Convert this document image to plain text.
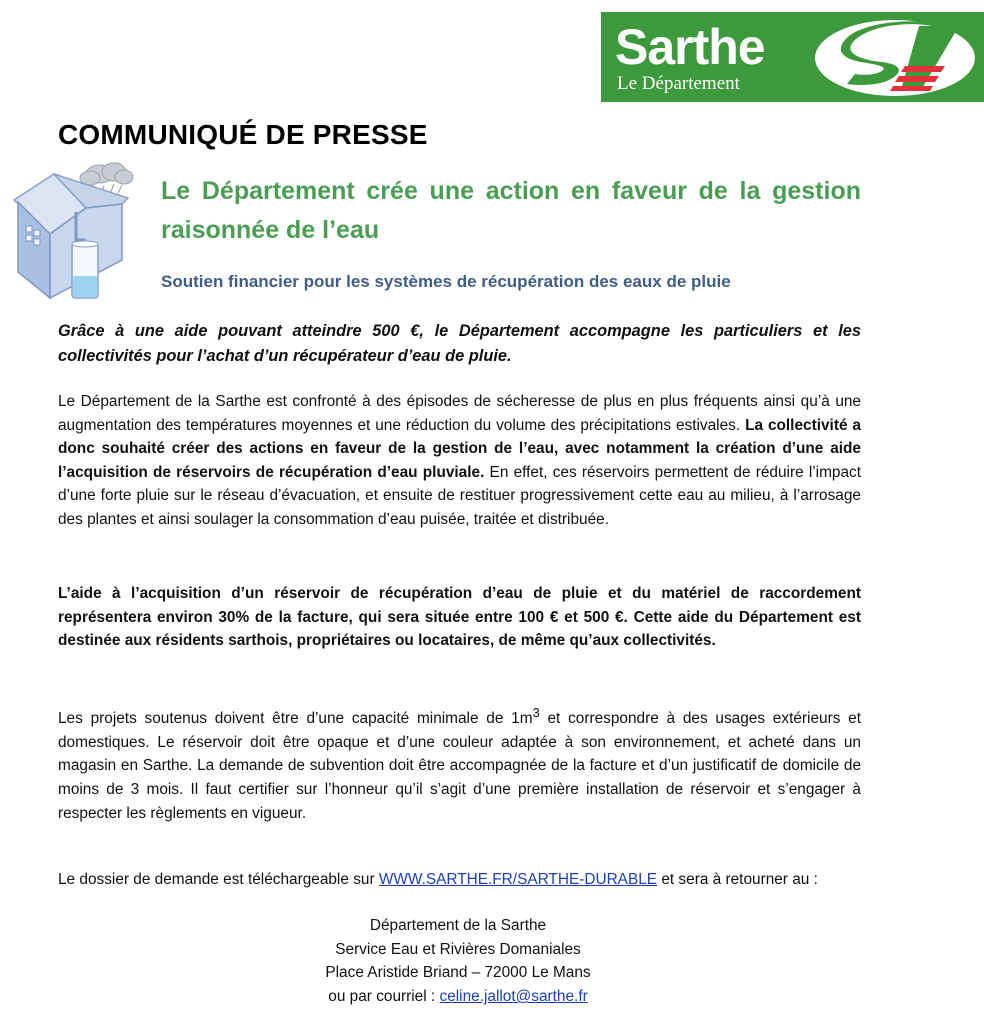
Sarthe
Le Département
COMMUNIQUÉ DE PRESSE
Le Département crée une action en faveur de la gestion raisonnée de l’eau
Soutien financier pour les systèmes de récupération des eaux de pluie

Grâce à une aide pouvant atteindre 500 €, le Département accompagne les particuliers et les collectivités pour l’achat d’un récupérateur d’eau de pluie.

Le Département de la Sarthe est confronté à des épisodes de sécheresse de plus en plus fréquents ainsi qu’à une augmentation des températures moyennes et une réduction du volume des précipitations estivales. La collectivité a donc souhaité créer des actions en faveur de la gestion de l’eau, avec notamment la création d’une aide l’acquisition de réservoirs de récupération d’eau pluviale. En effet, ces réservoirs permettent de réduire l’impact d’une forte pluie sur le réseau d’évacuation, et ensuite de restituer progressivement cette eau au milieu, à l’arrosage des plantes et ainsi soulager la consommation d’eau puisée, traitée et distribuée.

L’aide à l’acquisition d’un réservoir de récupération d’eau de pluie et du matériel de raccordement représentera environ 30% de la facture, qui sera située entre 100 € et 500 €. Cette aide du Département est destinée aux résidents sarthois, propriétaires ou locataires, de même qu’aux collectivités.

Les projets soutenus doivent être d’une capacité minimale de $1m^3$ et correspondre à des usages extérieurs et domestiques. Le réservoir doit être opaque et d’une couleur adaptée à son environnement, et acheté dans un magasin en Sarthe. La demande de subvention doit être accompagnée de la facture et d’un justificatif de domicile de moins de 3 mois. Il faut certifier sur l’honneur qu’il s’agit d’une première installation de réservoir et s’engager à respecter les règlements en vigueur.

Le dossier de demande est téléchargeable sur WWW.SARTHE.FR/SARTHE-DURABLE et sera à retourner au :

Département de la Sarthe
Service Eau et Rivières Domaniales
Place Aristide Briand – 72000 Le Mans
ou par courriel : celine.jallot@sarthe.fr
